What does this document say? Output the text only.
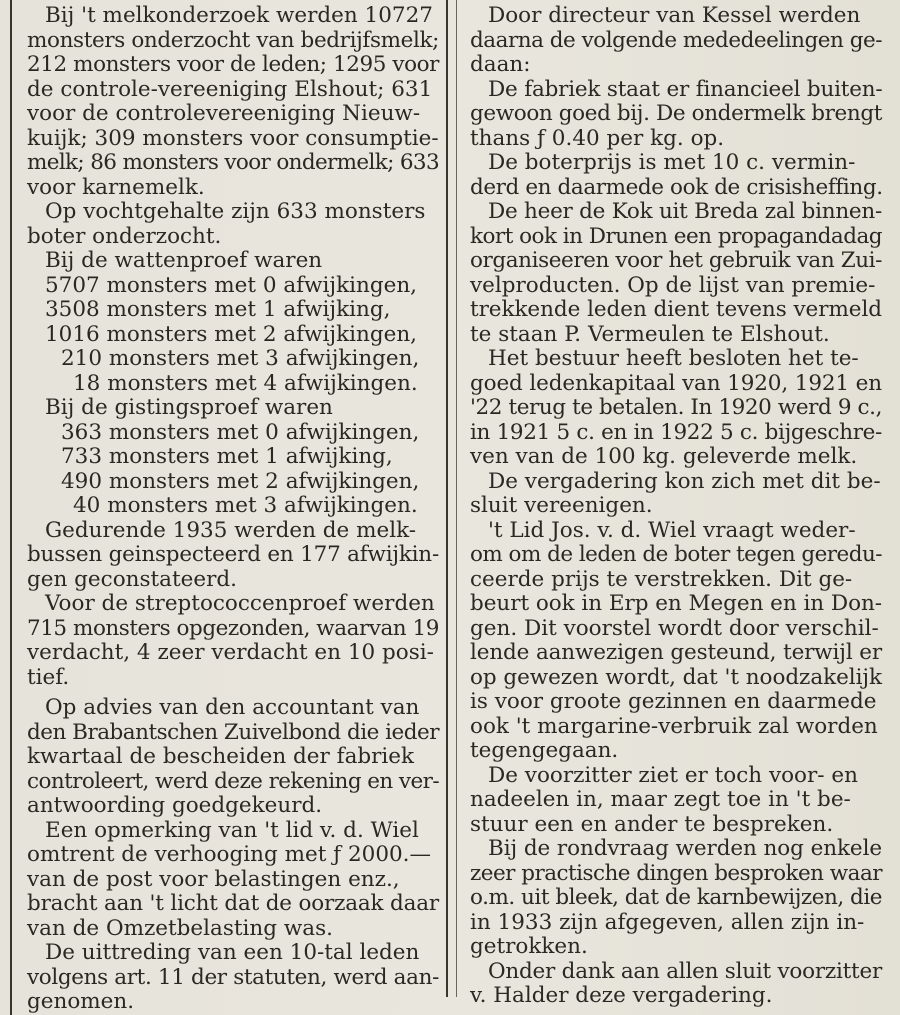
Bij 't melkonderzoek werden 10727
monsters onderzocht van bedrijfsmelk;
212 monsters voor de leden; 1295 voor
de controle-vereeniging Elshout; 631
voor de controlevereeniging Nieuw-
kuijk; 309 monsters voor consumptie-
melk; 86 monsters voor ondermelk; 633
voor karnemelk.
Op vochtgehalte zijn 633 monsters
boter onderzocht.
Bij de wattenproef waren
5707 monsters met 0 afwijkingen,
3508 monsters met 1 afwijking,
1016 monsters met 2 afwijkingen,
210 monsters met 3 afwijkingen,
18 monsters met 4 afwijkingen.
Bij de gistingsproef waren
363 monsters met 0 afwijkingen,
733 monsters met 1 afwijking,
490 monsters met 2 afwijkingen,
40 monsters met 3 afwijkingen.
Gedurende 1935 werden de melk-
bussen geinspecteerd en 177 afwijkin-
gen geconstateerd.
Voor de streptococcenproef werden
715 monsters opgezonden, waarvan 19
verdacht, 4 zeer verdacht en 10 posi-
tief.
Op advies van den accountant van
den Brabantschen Zuivelbond die ieder
kwartaal de bescheiden der fabriek
controleert, werd deze rekening en ver-
antwoording goedgekeurd.
Een opmerking van 't lid v. d. Wiel
omtrent de verhooging met ƒ 2000.—
van de post voor belastingen enz.,
bracht aan 't licht dat de oorzaak daar
van de Omzetbelasting was.
De uittreding van een 10-tal leden
volgens art. 11 der statuten, werd aan-
genomen.
Door directeur van Kessel werden
daarna de volgende mededeelingen ge-
daan:
De fabriek staat er financieel buiten-
gewoon goed bij. De ondermelk brengt
thans ƒ 0.40 per kg. op.
De boterprijs is met 10 c. vermin-
derd en daarmede ook de crisisheffing.
De heer de Kok uit Breda zal binnen-
kort ook in Drunen een propagandadag
organiseeren voor het gebruik van Zui-
velproducten. Op de lijst van premie-
trekkende leden dient tevens vermeld
te staan P. Vermeulen te Elshout.
Het bestuur heeft besloten het te-
goed ledenkapitaal van 1920, 1921 en
'22 terug te betalen. In 1920 werd 9 c.,
in 1921 5 c. en in 1922 5 c. bijgeschre-
ven van de 100 kg. geleverde melk.
De vergadering kon zich met dit be-
sluit vereenigen.
't Lid Jos. v. d. Wiel vraagt weder-
om om de leden de boter tegen geredu-
ceerde prijs te verstrekken. Dit ge-
beurt ook in Erp en Megen en in Don-
gen. Dit voorstel wordt door verschil-
lende aanwezigen gesteund, terwijl er
op gewezen wordt, dat 't noodzakelijk
is voor groote gezinnen en daarmede
ook 't margarine-verbruik zal worden
tegengegaan.
De voorzitter ziet er toch voor- en
nadeelen in, maar zegt toe in 't be-
stuur een en ander te bespreken.
Bij de rondvraag werden nog enkele
zeer practische dingen besproken waar
o.m. uit bleek, dat de karnbewijzen, die
in 1933 zijn afgegeven, allen zijn in-
getrokken.
Onder dank aan allen sluit voorzitter
v. Halder deze vergadering.
